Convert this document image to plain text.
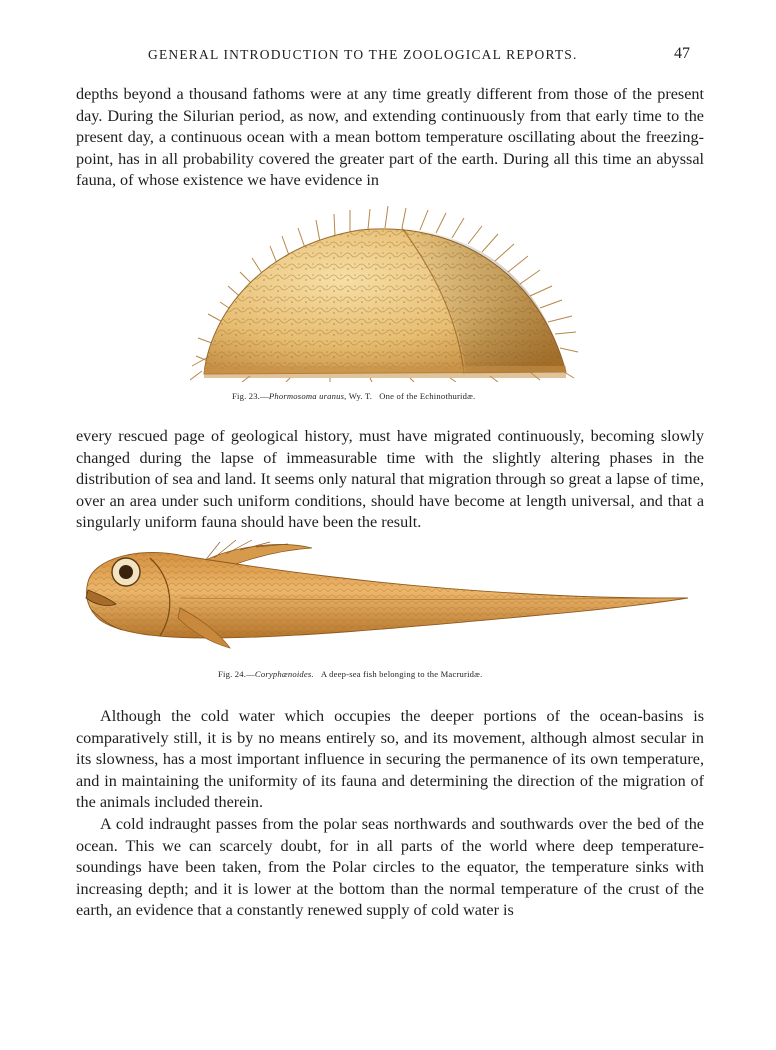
GENERAL INTRODUCTION TO THE ZOOLOGICAL REPORTS.	47

depths beyond a thousand fathoms were at any time greatly different from those of the present day. During the Silurian period, as now, and extending continuously from that early time to the present day, a continuous ocean with a mean bottom temperature oscillating about the freezing-point, has in all probability covered the greater part of the earth. During all this time an abyssal fauna, of whose existence we have evidence in

Fig. 23.—Phormosoma uranus, Wy. T. One of the Echinothuridæ.

every rescued page of geological history, must have migrated continuously, becoming slowly changed during the lapse of immeasurable time with the slightly altering phases in the distribution of sea and land. It seems only natural that migration through so great a lapse of time, over an area under such uniform conditions, should have become at length universal, and that a singularly uniform fauna should have been the result.

Fig. 24.—Coryphænoides. A deep-sea fish belonging to the Macruridæ.

Although the cold water which occupies the deeper portions of the ocean-basins is comparatively still, it is by no means entirely so, and its movement, although almost secular in its slowness, has a most important influence in securing the permanence of its own temperature, and in maintaining the uniformity of its fauna and determining the direction of the migration of the animals included therein.

A cold indraught passes from the polar seas northwards and southwards over the bed of the ocean. This we can scarcely doubt, for in all parts of the world where deep temperature-soundings have been taken, from the Polar circles to the equator, the temperature sinks with increasing depth; and it is lower at the bottom than the normal temperature of the crust of the earth, an evidence that a constantly renewed supply of cold water is
